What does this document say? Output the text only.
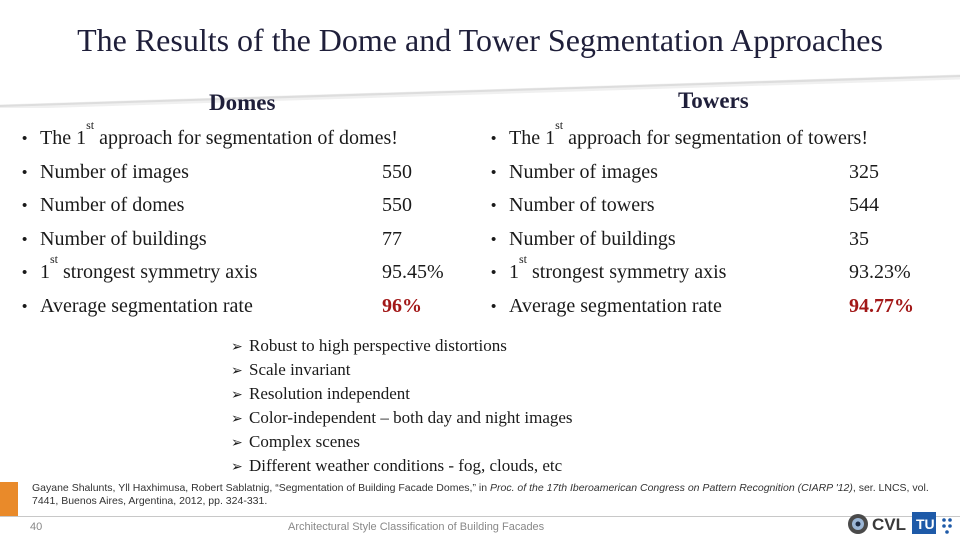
The Results of the Dome and Tower Segmentation Approaches
Domes	Towers
• The 1st approach for segmentation of domes!
• Number of images	550
• Number of domes	550
• Number of buildings	77
• 1st strongest symmetry axis	95.45%
• Average segmentation rate	96%
• The 1st approach for segmentation of towers!
• Number of images	325
• Number of towers	544
• Number of buildings	35
• 1st strongest symmetry axis	93.23%
• Average segmentation rate	94.77%
➢ Robust to high perspective distortions
➢ Scale invariant
➢ Resolution independent
➢ Color-independent – both day and night images
➢ Complex scenes
➢ Different weather conditions - fog, clouds, etc
Gayane Shalunts, Yll Haxhimusa, Robert Sablatnig, “Segmentation of Building Facade Domes,” in Proc. of the 17th Iberoamerican Congress on Pattern Recognition (CIARP '12), ser. LNCS, vol. 7441, Buenos Aires, Argentina, 2012, pp. 324-331.
40	Architectural Style Classification of Building Facades	CVL TU
